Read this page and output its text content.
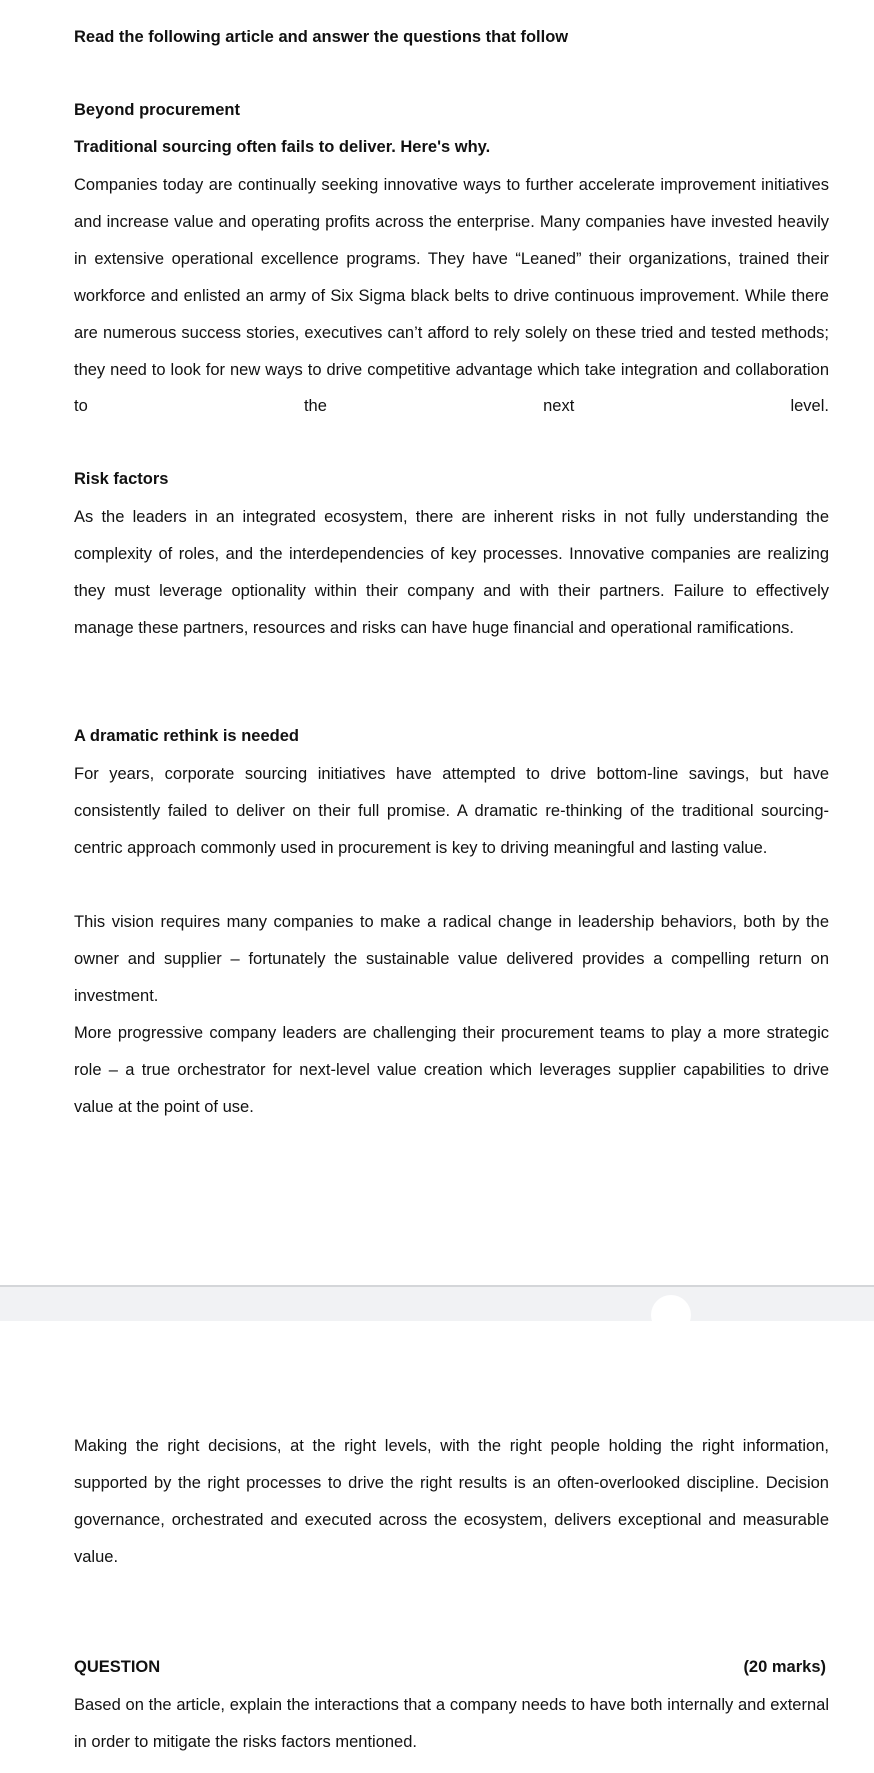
Read the following article and answer the questions that follow
Beyond procurement
Traditional sourcing often fails to deliver. Here's why.
Companies today are continually seeking innovative ways to further accelerate improvement initiatives and increase value and operating profits across the enterprise. Many companies have invested heavily in extensive operational excellence programs. They have “Leaned” their organizations, trained their workforce and enlisted an army of Six Sigma black belts to drive continuous improvement. While there are numerous success stories, executives can’t afford to rely solely on these tried and tested methods; they need to look for new ways to drive competitive advantage which take integration and collaboration to the next level.
Risk factors
As the leaders in an integrated ecosystem, there are inherent risks in not fully understanding the complexity of roles, and the interdependencies of key processes. Innovative companies are realizing they must leverage optionality within their company and with their partners. Failure to effectively manage these partners, resources and risks can have huge financial and operational ramifications.
A dramatic rethink is needed
For years, corporate sourcing initiatives have attempted to drive bottom-line savings, but have consistently failed to deliver on their full promise. A dramatic re-thinking of the traditional sourcing-centric approach commonly used in procurement is key to driving meaningful and lasting value.
This vision requires many companies to make a radical change in leadership behaviors, both by the owner and supplier – fortunately the sustainable value delivered provides a compelling return on investment.
More progressive company leaders are challenging their procurement teams to play a more strategic role – a true orchestrator for next-level value creation which leverages supplier capabilities to drive value at the point of use.
Making the right decisions, at the right levels, with the right people holding the right information, supported by the right processes to drive the right results is an often-overlooked discipline. Decision governance, orchestrated and executed across the ecosystem, delivers exceptional and measurable value.
QUESTION	(20 marks)
Based on the article, explain the interactions that a company needs to have both internally and external in order to mitigate the risks factors mentioned.
